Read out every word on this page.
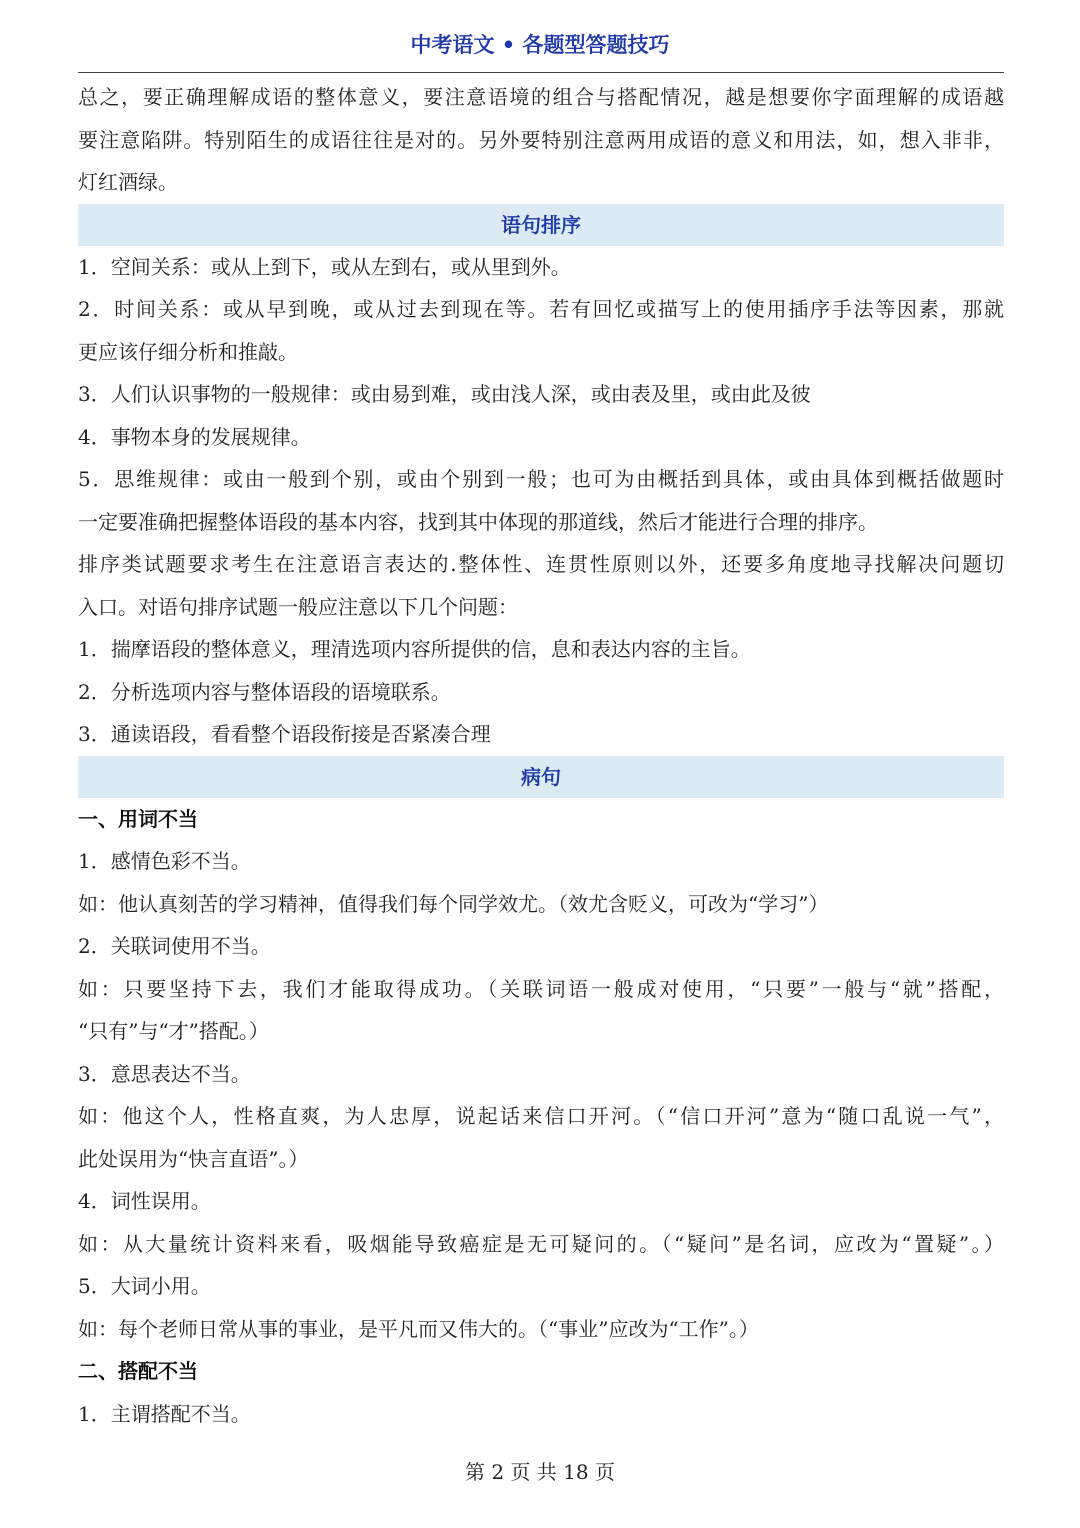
中考语文 • 各题型答题技巧
总之，要正确理解成语的整体意义，要注意语境的组合与搭配情况，越是想要你字面理解的成语越
要注意陷阱。特别陌生的成语往往是对的。另外要特别注意两用成语的意义和用法，如，想入非非，
灯红酒绿。
语句排序
1．空间关系：或从上到下，或从左到右，或从里到外。
2．时间关系：或从早到晚，或从过去到现在等。若有回忆或描写上的使用插序手法等因素，那就
更应该仔细分析和推敲。
3．人们认识事物的一般规律：或由易到难，或由浅人深，或由表及里，或由此及彼
4．事物本身的发展规律。
5．思维规律：或由一般到个别，或由个别到一般；也可为由概括到具体，或由具体到概括做题时
一定要准确把握整体语段的基本内容，找到其中体现的那道线，然后才能进行合理的排序。
排序类试题要求考生在注意语言表达的.整体性、连贯性原则以外，还要多角度地寻找解决问题切
入口。对语句排序试题一般应注意以下几个问题：
1．揣摩语段的整体意义，理清选项内容所提供的信，息和表达内容的主旨。
2．分析选项内容与整体语段的语境联系。
3．通读语段，看看整个语段衔接是否紧凑合理
病句
一、用词不当
1．感情色彩不当。
如：他认真刻苦的学习精神，值得我们每个同学效尤。（效尤含贬义，可改为“学习”）
2．关联词使用不当。
如：只要坚持下去，我们才能取得成功。（关联词语一般成对使用，“只要”一般与“就”搭配，
“只有”与“才”搭配。）
3．意思表达不当。
如：他这个人，性格直爽，为人忠厚，说起话来信口开河。（“信口开河”意为“随口乱说一气”，
此处误用为“快言直语”。）
4．词性误用。
如：从大量统计资料来看，吸烟能导致癌症是无可疑问的。（“疑问”是名词，应改为“置疑”。）
5．大词小用。
如：每个老师日常从事的事业，是平凡而又伟大的。（“事业”应改为“工作”。）
二、搭配不当
1．主谓搭配不当。
第 2 页 共 18 页
